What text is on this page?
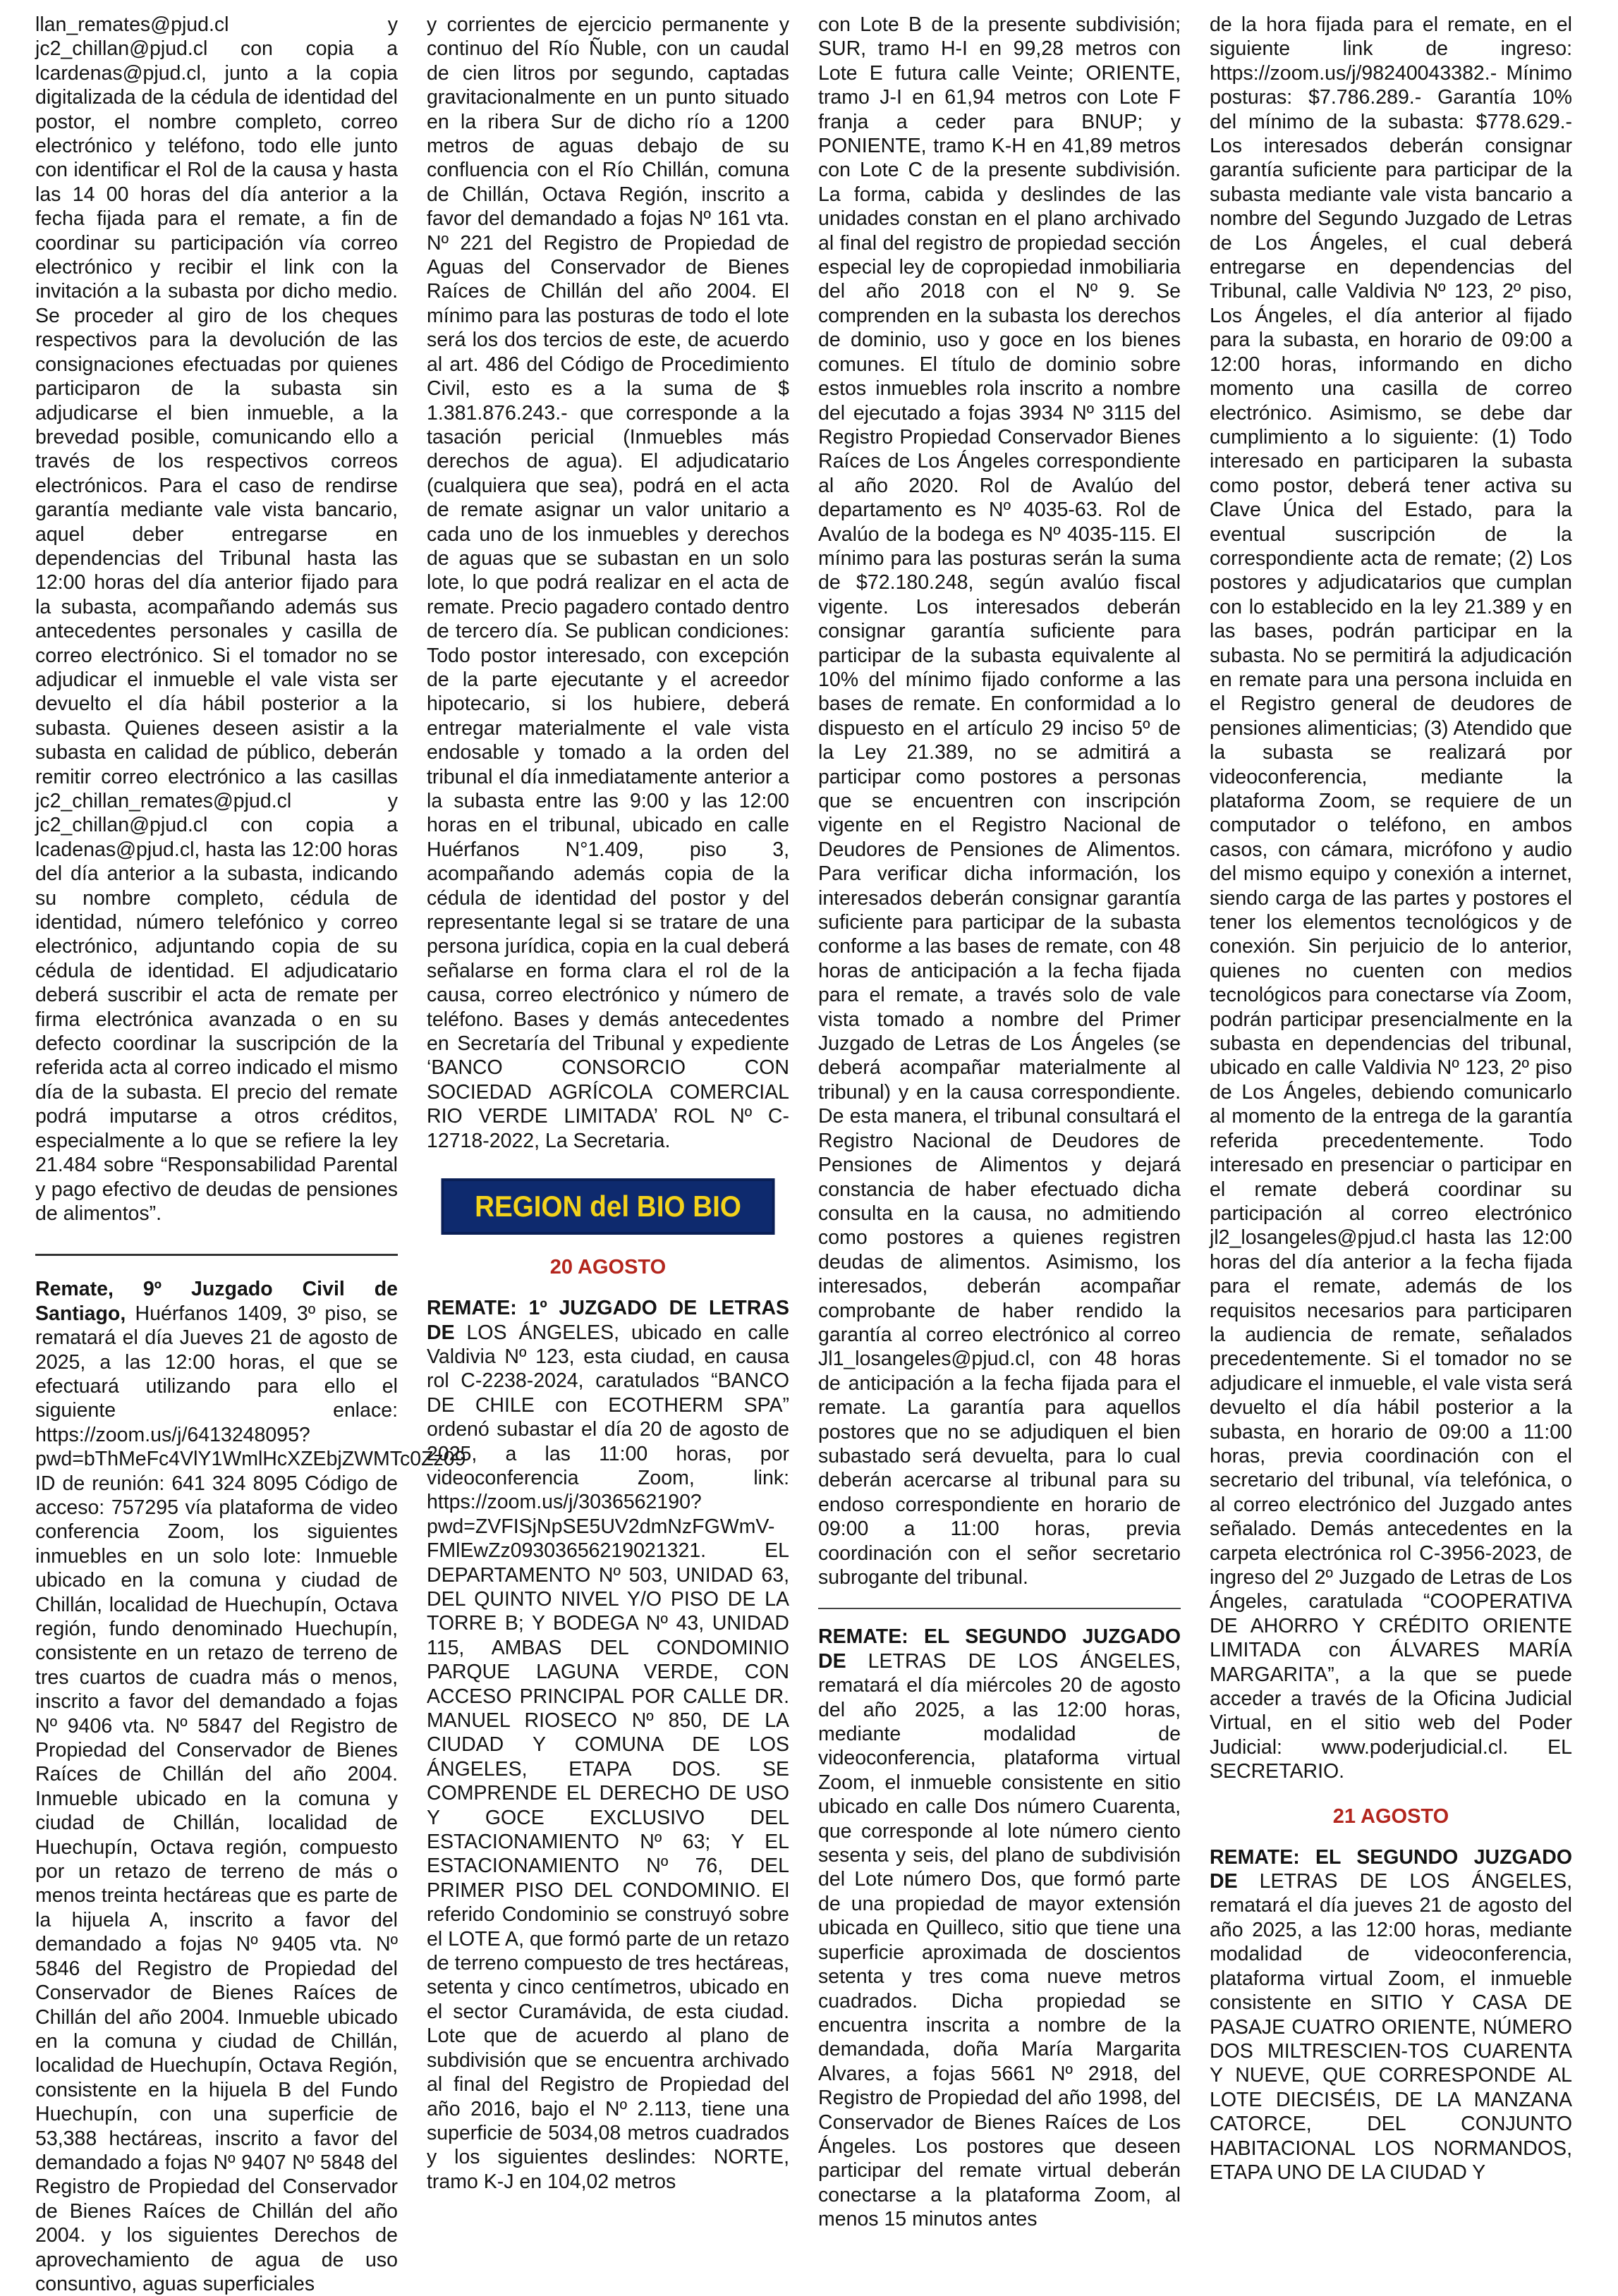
llan_remates@pjud.cl y jc2_chillan@pjud.cl con copia a lcardenas@pjud.cl, junto a la copia digitalizada de la cédula de identidad del postor, el nombre completo, correo electrónico y teléfono, todo elle junto con identificar el Rol de la causa y hasta las 14 00 horas del día anterior a la fecha fijada para el remate, a fin de coordinar su participación vía correo electrónico y recibir el link con la invitación a la subasta por dicho medio. Se proceder al giro de los cheques respectivos para la devolución de las consignaciones efectuadas por quienes participaron de la subasta sin adjudicarse el bien inmueble, a la brevedad posible, comunicando ello a través de los respectivos correos electrónicos. Para el caso de rendirse garantía mediante vale vista bancario, aquel deber entregarse en dependencias del Tribunal hasta las 12:00 horas del día anterior fijado para la subasta, acompañando además sus antecedentes personales y casilla de correo electrónico. Si el tomador no se adjudicar el inmueble el vale vista ser devuelto el día hábil posterior a la subasta. Quienes deseen asistir a la subasta en calidad de público, deberán remitir correo electrónico a las casillas jc2_chillan_remates@pjud.cl y jc2_chillan@pjud.cl con copia a lcadenas@pjud.cl, hasta las 12:00 horas del día anterior a la subasta, indicando su nombre completo, cédula de identidad, número telefónico y correo electrónico, adjuntando copia de su cédula de identidad. El adjudicatario deberá suscribir el acta de remate per firma electrónica avanzada o en su defecto coordinar la suscripción de la referida acta al correo indicado el mismo día de la subasta. El precio del remate podrá imputarse a otros créditos, especialmente a lo que se refiere la ley 21.484 sobre “Responsabilidad Parental y pago efectivo de deudas de pensiones de alimentos”.

Remate, 9º Juzgado Civil de Santiago, Huérfanos 1409, 3º piso, se rematará el día Jueves 21 de agosto de 2025, a las 12:00 horas, el que se efectuará utilizando para ello el siguiente enlace: https://zoom.us/j/6413248095?pwd=bThMeFc4VlY1WmlHcXZEbjZWMTc0Zz09 ID de reunión: 641 324 8095 Código de acceso: 757295 vía plataforma de video conferencia Zoom, los siguientes inmuebles en un solo lote: Inmueble ubicado en la comuna y ciudad de Chillán, localidad de Huechupín, Octava región, fundo denominado Huechupín, consistente en un retazo de terreno de tres cuartos de cuadra más o menos, inscrito a favor del demandado a fojas Nº 9406 vta. Nº 5847 del Registro de Propiedad del Conservador de Bienes Raíces de Chillán del año 2004. Inmueble ubicado en la comuna y ciudad de Chillán, localidad de Huechupín, Octava región, compuesto por un retazo de terreno de más o menos treinta hectáreas que es parte de la hijuela A, inscrito a favor del demandado a fojas Nº 9405 vta. Nº 5846 del Registro de Propiedad del Conservador de Bienes Raíces de Chillán del año 2004. Inmueble ubicado en la comuna y ciudad de Chillán, localidad de Huechupín, Octava Región, consistente en la hijuela B del Fundo Huechupín, con una superficie de 53,388 hectáreas, inscrito a favor del demandado a fojas Nº 9407 Nº 5848 del Registro de Propiedad del Conservador de Bienes Raíces de Chillán del año 2004. y los siguientes Derechos de aprovechamiento de agua de uso consuntivo, aguas superficiales

y corrientes de ejercicio permanente y continuo del Río Ñuble, con un caudal de cien litros por segundo, captadas gravitacionalmente en un punto situado en la ribera Sur de dicho río a 1200 metros de aguas debajo de su confluencia con el Río Chillán, comuna de Chillán, Octava Región, inscrito a favor del demandado a fojas Nº 161 vta. Nº 221 del Registro de Propiedad de Aguas del Conservador de Bienes Raíces de Chillán del año 2004. El mínimo para las posturas de todo el lote será los dos tercios de este, de acuerdo al art. 486 del Código de Procedimiento Civil, esto es a la suma de $ 1.381.876.243.- que corresponde a la tasación pericial (Inmuebles más derechos de agua). El adjudicatario (cualquiera que sea), podrá en el acta de remate asignar un valor unitario a cada uno de los inmuebles y derechos de aguas que se subastan en un solo lote, lo que podrá realizar en el acta de remate. Precio pagadero contado dentro de tercero día. Se publican condiciones: Todo postor interesado, con excepción de la parte ejecutante y el acreedor hipotecario, si los hubiere, deberá entregar materialmente el vale vista endosable y tomado a la orden del tribunal el día inmediatamente anterior a la subasta entre las 9:00 y las 12:00 horas en el tribunal, ubicado en calle Huérfanos N°1.409, piso 3, acompañando además copia de la cédula de identidad del postor y del representante legal si se tratare de una persona jurídica, copia en la cual deberá señalarse en forma clara el rol de la causa, correo electrónico y número de teléfono. Bases y demás antecedentes en Secretaría del Tribunal y expediente ‘BANCO CONSORCIO CON SOCIEDAD AGRÍCOLA COMERCIAL RIO VERDE LIMITADA’ ROL Nº C-12718-2022, La Secretaria.

REGION del BIO BIO
20 AGOSTO

REMATE: 1º JUZGADO DE LETRAS DE LOS ÁNGELES, ubicado en calle Valdivia Nº 123, esta ciudad, en causa rol C-2238-2024, caratulados “BANCO DE CHILE con ECOTHERM SPA” ordenó subastar el día 20 de agosto de 2025, a las 11:00 horas, por videoconferencia Zoom, link: https://zoom.us/j/3036562190?pwd=ZVFISjNpSE5UV2dmNzFGWmV-FMlEwZz09303656219021321. EL DEPARTAMENTO Nº 503, UNIDAD 63, DEL QUINTO NIVEL Y/O PISO DE LA TORRE B; Y BODEGA Nº 43, UNIDAD 115, AMBAS DEL CONDOMINIO PARQUE LAGUNA VERDE, CON ACCESO PRINCIPAL POR CALLE DR. MANUEL RIOSECO Nº 850, DE LA CIUDAD Y COMUNA DE LOS ÁNGELES, ETAPA DOS. SE COMPRENDE EL DERECHO DE USO Y GOCE EXCLUSIVO DEL ESTACIONAMIENTO Nº 63; Y EL ESTACIONAMIENTO Nº 76, DEL PRIMER PISO DEL CONDOMINIO. El referido Condominio se construyó sobre el LOTE A, que formó parte de un retazo de terreno compuesto de tres hectáreas, setenta y cinco centímetros, ubicado en el sector Curamávida, de esta ciudad. Lote que de acuerdo al plano de subdivisión que se encuentra archivado al final del Registro de Propiedad del año 2016, bajo el Nº 2.113, tiene una superficie de 5034,08 metros cuadrados y los siguientes deslindes: NORTE, tramo K-J en 104,02 metros

con Lote B de la presente subdivisión; SUR, tramo H-I en 99,28 metros con Lote E futura calle Veinte; ORIENTE, tramo J-I en 61,94 metros con Lote F franja a ceder para BNUP; y PONIENTE, tramo K-H en 41,89 metros con Lote C de la presente subdivisión. La forma, cabida y deslindes de las unidades constan en el plano archivado al final del registro de propiedad sección especial ley de copropiedad inmobiliaria del año 2018 con el Nº 9. Se comprenden en la subasta los derechos de dominio, uso y goce en los bienes comunes. El título de dominio sobre estos inmuebles rola inscrito a nombre del ejecutado a fojas 3934 Nº 3115 del Registro Propiedad Conservador Bienes Raíces de Los Ángeles correspondiente al año 2020. Rol de Avalúo del departamento es Nº 4035-63. Rol de Avalúo de la bodega es Nº 4035-115. El mínimo para las posturas serán la suma de $72.180.248, según avalúo fiscal vigente. Los interesados deberán consignar garantía suficiente para participar de la subasta equivalente al 10% del mínimo fijado conforme a las bases de remate. En conformidad a lo dispuesto en el artículo 29 inciso 5º de la Ley 21.389, no se admitirá a participar como postores a personas que se encuentren con inscripción vigente en el Registro Nacional de Deudores de Pensiones de Alimentos. Para verificar dicha información, los interesados deberán consignar garantía suficiente para participar de la subasta conforme a las bases de remate, con 48 horas de anticipación a la fecha fijada para el remate, a través solo de vale vista tomado a nombre del Primer Juzgado de Letras de Los Ángeles (se deberá acompañar materialmente al tribunal) y en la causa correspondiente. De esta manera, el tribunal consultará el Registro Nacional de Deudores de Pensiones de Alimentos y dejará constancia de haber efectuado dicha consulta en la causa, no admitiendo como postores a quienes registren deudas de alimentos. Asimismo, los interesados, deberán acompañar comprobante de haber rendido la garantía al correo electrónico al correo Jl1_losangeles@pjud.cl, con 48 horas de anticipación a la fecha fijada para el remate. La garantía para aquellos postores que no se adjudiquen el bien subastado será devuelta, para lo cual deberán acercarse al tribunal para su endoso correspondiente en horario de 09:00 a 11:00 horas, previa coordinación con el señor secretario subrogante del tribunal.

REMATE: EL SEGUNDO JUZGADO DE LETRAS DE LOS ÁNGELES, rematará el día miércoles 20 de agosto del año 2025, a las 12:00 horas, mediante modalidad de videoconferencia, plataforma virtual Zoom, el inmueble consistente en sitio ubicado en calle Dos número Cuarenta, que corresponde al lote número ciento sesenta y seis, del plano de subdivisión del Lote número Dos, que formó parte de una propiedad de mayor extensión ubicada en Quilleco, sitio que tiene una superficie aproximada de doscientos setenta y tres coma nueve metros cuadrados. Dicha propiedad se encuentra inscrita a nombre de la demandada, doña María Margarita Alvares, a fojas 5661 Nº 2918, del Registro de Propiedad del año 1998, del Conservador de Bienes Raíces de Los Ángeles. Los postores que deseen participar del remate virtual deberán conectarse a la plataforma Zoom, al menos 15 minutos antes

de la hora fijada para el remate, en el siguiente link de ingreso: https://zoom.us/j/98240043382.- Mínimo posturas: $7.786.289.- Garantía 10% del mínimo de la subasta: $778.629.- Los interesados deberán consignar garantía suficiente para participar de la subasta mediante vale vista bancario a nombre del Segundo Juzgado de Letras de Los Ángeles, el cual deberá entregarse en dependencias del Tribunal, calle Valdivia Nº 123, 2º piso, Los Ángeles, el día anterior al fijado para la subasta, en horario de 09:00 a 12:00 horas, informando en dicho momento una casilla de correo electrónico. Asimismo, se debe dar cumplimiento a lo siguiente: (1) Todo interesado en participaren la subasta como postor, deberá tener activa su Clave Única del Estado, para la eventual suscripción de la correspondiente acta de remate; (2) Los postores y adjudicatarios que cumplan con lo establecido en la ley 21.389 y en las bases, podrán participar en la subasta. No se permitirá la adjudicación en remate para una persona incluida en el Registro general de deudores de pensiones alimenticias; (3) Atendido que la subasta se realizará por videoconferencia, mediante la plataforma Zoom, se requiere de un computador o teléfono, en ambos casos, con cámara, micrófono y audio del mismo equipo y conexión a internet, siendo carga de las partes y postores el tener los elementos tecnológicos y de conexión. Sin perjuicio de lo anterior, quienes no cuenten con medios tecnológicos para conectarse vía Zoom, podrán participar presencialmente en la subasta en dependencias del tribunal, ubicado en calle Valdivia Nº 123, 2º piso de Los Ángeles, debiendo comunicarlo al momento de la entrega de la garantía referida precedentemente. Todo interesado en presenciar o participar en el remate deberá coordinar su participación al correo electrónico jl2_losangeles@pjud.cl hasta las 12:00 horas del día anterior a la fecha fijada para el remate, además de los requisitos necesarios para participaren la audiencia de remate, señalados precedentemente. Si el tomador no se adjudicare el inmueble, el vale vista será devuelto el día hábil posterior a la subasta, en horario de 09:00 a 11:00 horas, previa coordinación con el secretario del tribunal, vía telefónica, o al correo electrónico del Juzgado antes señalado. Demás antecedentes en la carpeta electrónica rol C-3956-2023, de ingreso del 2º Juzgado de Letras de Los Ángeles, caratulada “COOPERATIVA DE AHORRO Y CRÉDITO ORIENTE LIMITADA con ÁLVARES MARÍA MARGARITA”, a la que se puede acceder a través de la Oficina Judicial Virtual, en el sitio web del Poder Judicial: www.poderjudicial.cl. EL SECRETARIO.

21 AGOSTO

REMATE: EL SEGUNDO JUZGADO DE LETRAS DE LOS ÁNGELES, rematará el día jueves 21 de agosto del año 2025, a las 12:00 horas, mediante modalidad de videoconferencia, plataforma virtual Zoom, el inmueble consistente en SITIO Y CASA DE PASAJE CUATRO ORIENTE, NÚMERO DOS MILTRESCIEN-TOS CUARENTA Y NUEVE, QUE CORRESPONDE AL LOTE DIECISÉIS, DE LA MANZANA CATORCE, DEL CONJUNTO HABITACIONAL LOS NORMANDOS, ETAPA UNO DE LA CIUDAD Y
